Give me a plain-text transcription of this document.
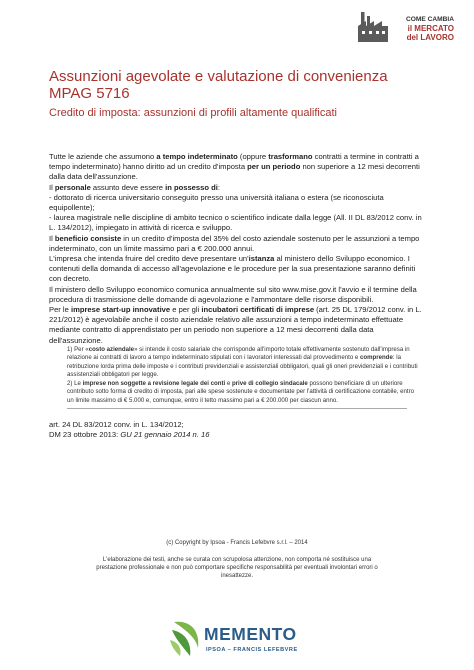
COME CAMBIA
il MERCATO
del LAVORO
Assunzioni agevolate e valutazione di convenienza
MPAG 5716
Credito di imposta: assunzioni di profili altamente qualificati

Tutte le aziende che assumono a tempo indeterminato (oppure trasformano contratti a termine in contratti a tempo indeterminato) hanno diritto ad un credito d'imposta per un periodo non superiore a 12 mesi decorrenti dalla data dell'assunzione.

Il personale assunto deve essere in possesso di:

- dottorato di ricerca universitario conseguito presso una università italiana o estera (se riconosciuta equipollente);

- laurea magistrale nelle discipline di ambito tecnico o scientifico indicate dalla legge (All. II DL 83/2012 conv. in L. 134/2012), impiegato in attività di ricerca e sviluppo.

Il beneficio consiste in un credito d'imposta del 35% del costo aziendale sostenuto per le assunzioni a tempo indeterminato, con un limite massimo pari a € 200.000 annui.

L'impresa che intenda fruire del credito deve presentare un'istanza al ministero dello Sviluppo economico. I contenuti della domanda di accesso all'agevolazione e le procedure per la sua presentazione saranno definiti con decreto.

Il ministero dello Sviluppo economico comunica annualmente sul sito www.mise.gov.it l'avvio e il termine della procedura di trasmissione delle domande di agevolazione e l'ammontare delle risorse disponibili.

Per le imprese start-up innovative e per gli incubatori certificati di imprese (art. 25 DL 179/2012 conv. in L. 221/2012) è agevolabile anche il costo aziendale relativo alle assunzioni a tempo indeterminato effettuate mediante contratto di apprendistato per un periodo non superiore a 12 mesi decorrenti dalla data dell'assunzione.

1) Per «costo aziendale» si intende il costo salariale che corrisponde all'importo totale effettivamente sostenuto dall'impresa in relazione ai contratti di lavoro a tempo indeterminato stipulati con i lavoratori interessati dal provvedimento e comprende: la retribuzione lorda prima delle imposte e i contributi previdenziali e assistenziali obbligatori, quali gli oneri previdenziali e i contributi assistenziali obbligatori per legge.

2) Le imprese non soggette a revisione legale dei conti e prive di collegio sindacale possono beneficiare di un ulteriore contributo sotto forma di credito di imposta, pari alle spese sostenute e documentate per l'attività di certificazione contabile, entro un limite massimo di € 5.000 e, comunque, entro il tetto massimo pari a € 200.000 per ciascun anno.

art. 24 DL 83/2012 conv. in L. 134/2012;
DM 23 ottobre 2013: GU 21 gennaio 2014 n. 16
(c) Copyright by Ipsoa - Francis Lefebvre s.r.l. – 2014
L'elaborazione dei testi, anche se curata con scrupolosa attenzione, non comporta né sostituisce una prestazione professionale e non può comportare specifiche responsabilità per eventuali involontari errori o inesattezze.
MEMENTO
IPSOA – FRANCIS LEFEBVRE
